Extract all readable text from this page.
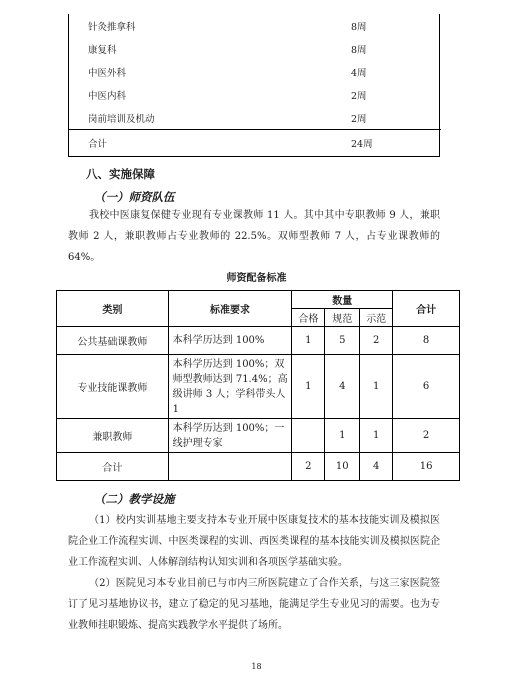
针灸推拿科	8周
康复科	8周
中医外科	4周
中医内科	2周
岗前培训及机动	2周
合计	24周
八、实施保障
（一）师资队伍
我校中医康复保健专业现有专业课教师 11 人。其中其中专职教师 9 人，兼职教师 2 人，兼职教师占专业教师的 22.5%。双师型教师 7 人，占专业课教师的 64%。
师资配备标准
类别	标准要求	数量			合计
		合格	规范	示范	
公共基础课教师	本科学历达到 100%	1	5	2	8
专业技能课教师	本科学历达到 100%；双师型教师达到 71.4%；高级讲师 3 人；学科带头人 1	1	4	1	6
兼职教师	本科学历达到 100%；一线护理专家		1	1	2
合计		2	10	4	16
（二）教学设施
（1）校内实训基地主要支持本专业开展中医康复技术的基本技能实训及模拟医院企业工作流程实训、中医类课程的实训、西医类课程的基本技能实训及模拟医院企业工作流程实训、人体解剖结构认知实训和各项医学基础实验。
（2）医院见习本专业目前已与市内三所医院建立了合作关系，与这三家医院签订了见习基地协议书，建立了稳定的见习基地，能满足学生专业见习的需要。也为专业教师挂职锻炼、提高实践教学水平提供了场所。
18
